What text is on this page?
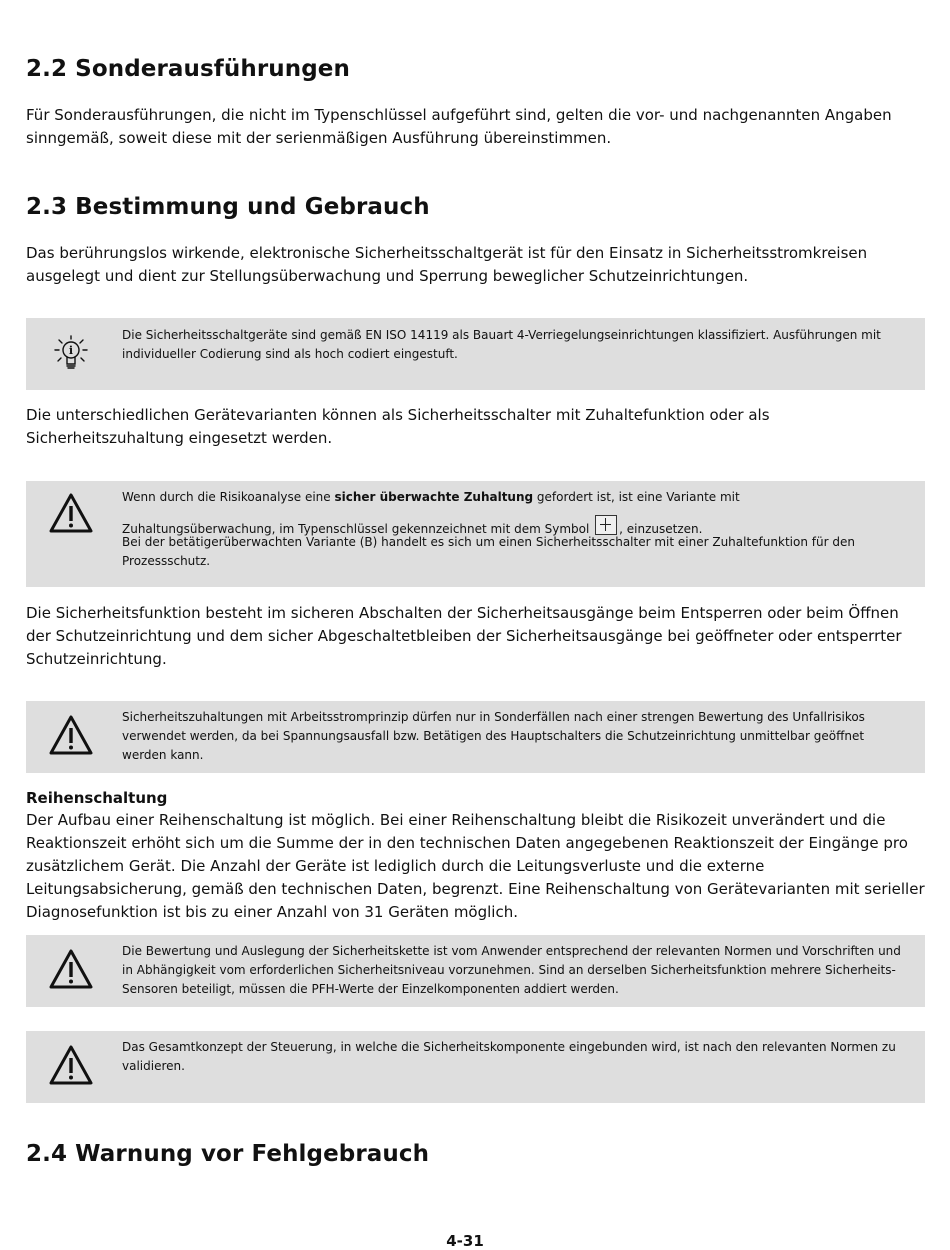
2.2 Sonderausführungen

Für Sonderausführungen, die nicht im Typenschlüssel aufgeführt sind, gelten die vor- und nachgenannten Angaben sinngemäß, soweit diese mit der serienmäßigen Ausführung übereinstimmen.

2.3 Bestimmung und Gebrauch

Das berührungslos wirkende, elektronische Sicherheitsschaltgerät ist für den Einsatz in Sicherheitsstromkreisen ausgelegt und dient zur Stellungsüberwachung und Sperrung beweglicher Schutzeinrichtungen.

i
Die Sicherheitsschaltgeräte sind gemäß EN ISO 14119 als Bauart 4-Verriegelungseinrichtungen klassifiziert. Ausführungen mit individueller Codierung sind als hoch codiert eingestuft.

Die unterschiedlichen Gerätevarianten können als Sicherheitsschalter mit Zuhaltefunktion oder als Sicherheitszuhaltung eingesetzt werden.

Wenn durch die Risikoanalyse eine sicher überwachte Zuhaltung gefordert ist, ist eine Variante mit
Zuhaltungsüberwachung, im Typenschlüssel gekennzeichnet mit dem Symbol , einzusetzen.
Bei der betätigerüberwachten Variante (B) handelt es sich um einen Sicherheitsschalter mit einer Zuhaltefunktion für den Prozessschutz.

Die Sicherheitsfunktion besteht im sicheren Abschalten der Sicherheitsausgänge beim Entsperren oder beim Öffnen der Schutzeinrichtung und dem sicher Abgeschaltetbleiben der Sicherheitsausgänge bei geöffneter oder entsperrter Schutzeinrichtung.

Sicherheitszuhaltungen mit Arbeitsstromprinzip dürfen nur in Sonderfällen nach einer strengen Bewertung des Unfallrisikos verwendet werden, da bei Spannungsausfall bzw. Betätigen des Hauptschalters die Schutzeinrichtung unmittelbar geöffnet werden kann.
Reihenschaltung

Der Aufbau einer Reihenschaltung ist möglich. Bei einer Reihenschaltung bleibt die Risikozeit unverändert und die Reaktionszeit erhöht sich um die Summe der in den technischen Daten angegebenen Reaktionszeit der Eingänge pro zusätzlichem Gerät. Die Anzahl der Geräte ist lediglich durch die Leitungsverluste und die externe Leitungsabsicherung, gemäß den technischen Daten, begrenzt. Eine Reihenschaltung von Gerätevarianten mit serieller Diagnosefunktion ist bis zu einer Anzahl von 31 Geräten möglich.

Die Bewertung und Auslegung der Sicherheitskette ist vom Anwender entsprechend der relevanten Normen und Vorschriften und in Abhängigkeit vom erforderlichen Sicherheitsniveau vorzunehmen. Sind an derselben Sicherheitsfunktion mehrere Sicherheits-Sensoren beteiligt, müssen die PFH-Werte der Einzelkomponenten addiert werden.
Das Gesamtkonzept der Steuerung, in welche die Sicherheitskomponente eingebunden wird, ist nach den relevanten Normen zu validieren.
2.4 Warnung vor Fehlgebrauch
4-31
